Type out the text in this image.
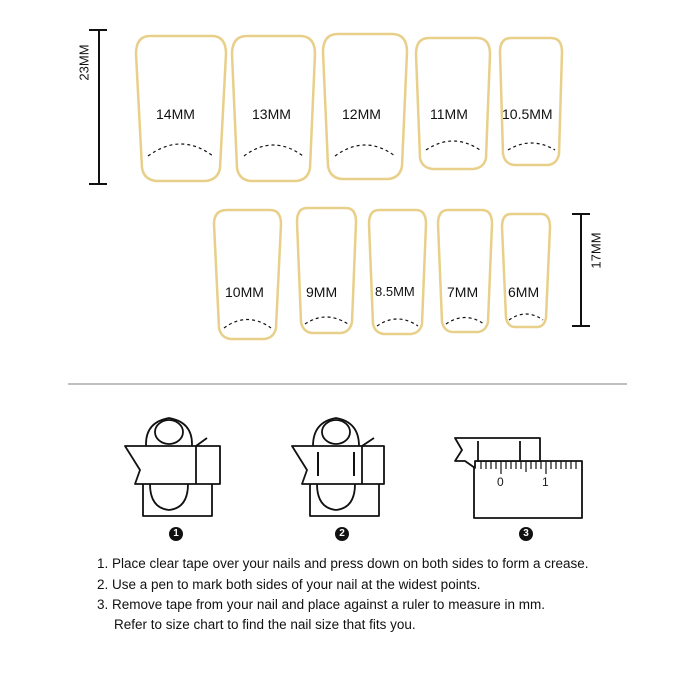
23MM
17MM
14MM	13MM	12MM	11MM 10.5MM
10MM	9MM	8.5MM 7MM 6MM
0	1
1	2	3
1. Place clear tape over your nails and press down on both sides to form a crease.
2. Use a pen to mark both sides of your nail at the widest points.
3. Remove tape from your nail and place against a ruler to measure in mm.
Refer to size chart to find the nail size that fits you.
